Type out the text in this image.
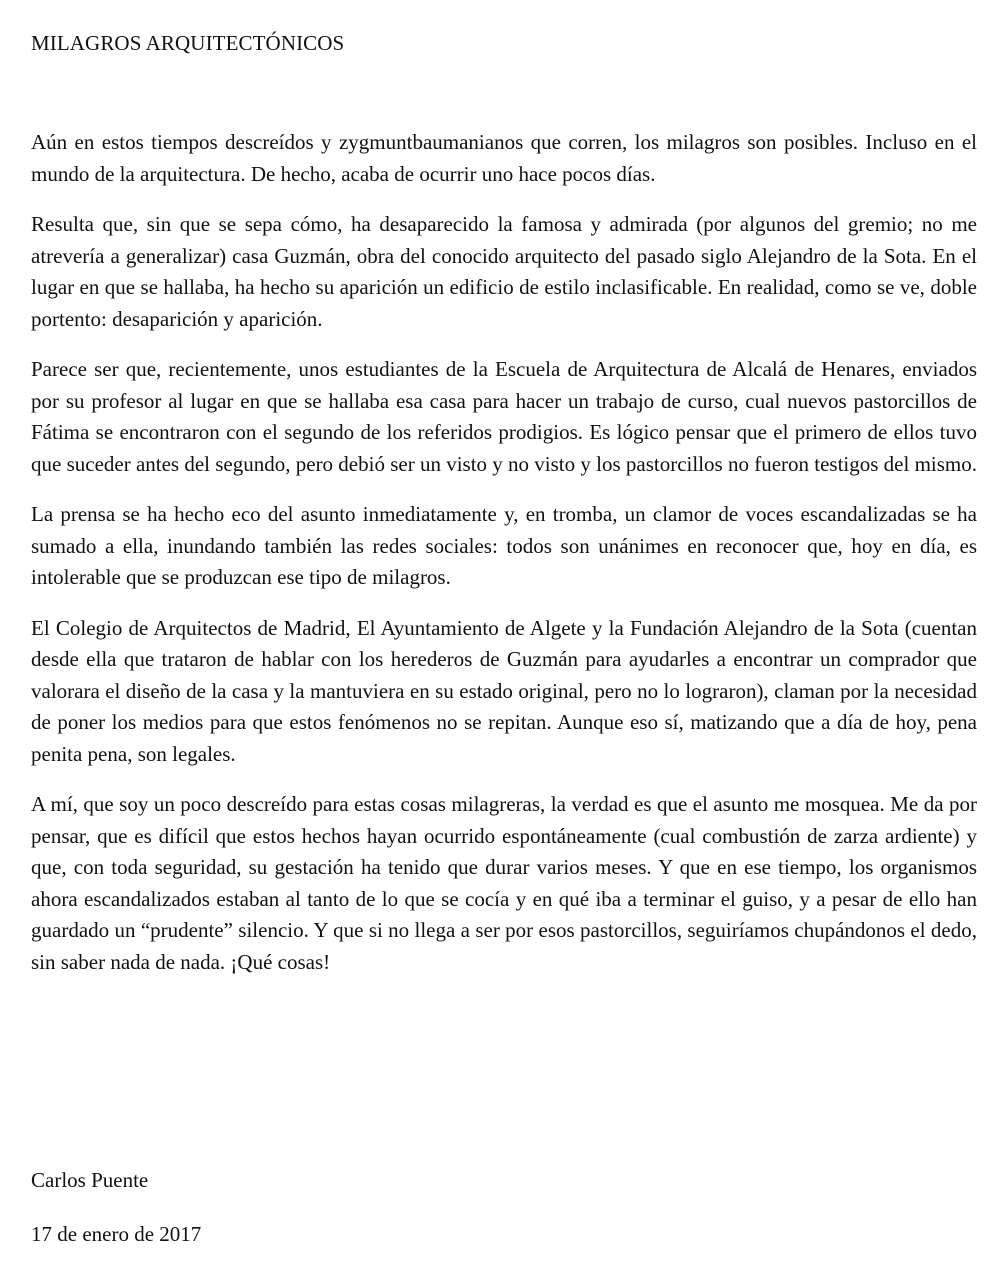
MILAGROS ARQUITECTÓNICOS

Aún en estos tiempos descreídos y zygmuntbaumanianos que corren, los milagros son posibles. Incluso en el mundo de la arquitectura. De hecho, acaba de ocurrir uno hace pocos días.

Resulta que, sin que se sepa cómo, ha desaparecido la famosa y admirada (por algunos del gremio; no me atrevería a generalizar) casa Guzmán, obra del conocido arquitecto del pasado siglo Alejandro de la Sota. En el lugar en que se hallaba, ha hecho su aparición un edificio de estilo inclasificable. En realidad, como se ve, doble portento: desaparición y aparición.

Parece ser que, recientemente, unos estudiantes de la Escuela de Arquitectura de Alcalá de Henares, enviados por su profesor al lugar en que se hallaba esa casa para hacer un trabajo de curso, cual nuevos pastorcillos de Fátima se encontraron con el segundo de los referidos prodigios. Es lógico pensar que el primero de ellos tuvo que suceder antes del segundo, pero debió ser un visto y no visto y los pastorcillos no fueron testigos del mismo.

La prensa se ha hecho eco del asunto inmediatamente y, en tromba, un clamor de voces escandalizadas se ha sumado a ella, inundando también las redes sociales: todos son unánimes en reconocer que, hoy en día, es intolerable que se produzcan ese tipo de milagros.

El Colegio de Arquitectos de Madrid, El Ayuntamiento de Algete y la Fundación Alejandro de la Sota (cuentan desde ella que trataron de hablar con los herederos de Guzmán para ayudarles a encontrar un comprador que valorara el diseño de la casa y la mantuviera en su estado original, pero no lo lograron), claman por la necesidad de poner los medios para que estos fenómenos no se repitan. Aunque eso sí, matizando que a día de hoy, pena penita pena, son legales.

A mí, que soy un poco descreído para estas cosas milagreras, la verdad es que el asunto me mosquea. Me da por pensar, que es difícil que estos hechos hayan ocurrido espontáneamente (cual combustión de zarza ardiente) y que, con toda seguridad, su gestación ha tenido que durar varios meses. Y que en ese tiempo, los organismos ahora escandalizados estaban al tanto de lo que se cocía y en qué iba a terminar el guiso, y a pesar de ello han guardado un “prudente” silencio. Y que si no llega a ser por esos pastorcillos, seguiríamos chupándonos el dedo, sin saber nada de nada. ¡Qué cosas!

Carlos Puente
17 de enero de 2017
